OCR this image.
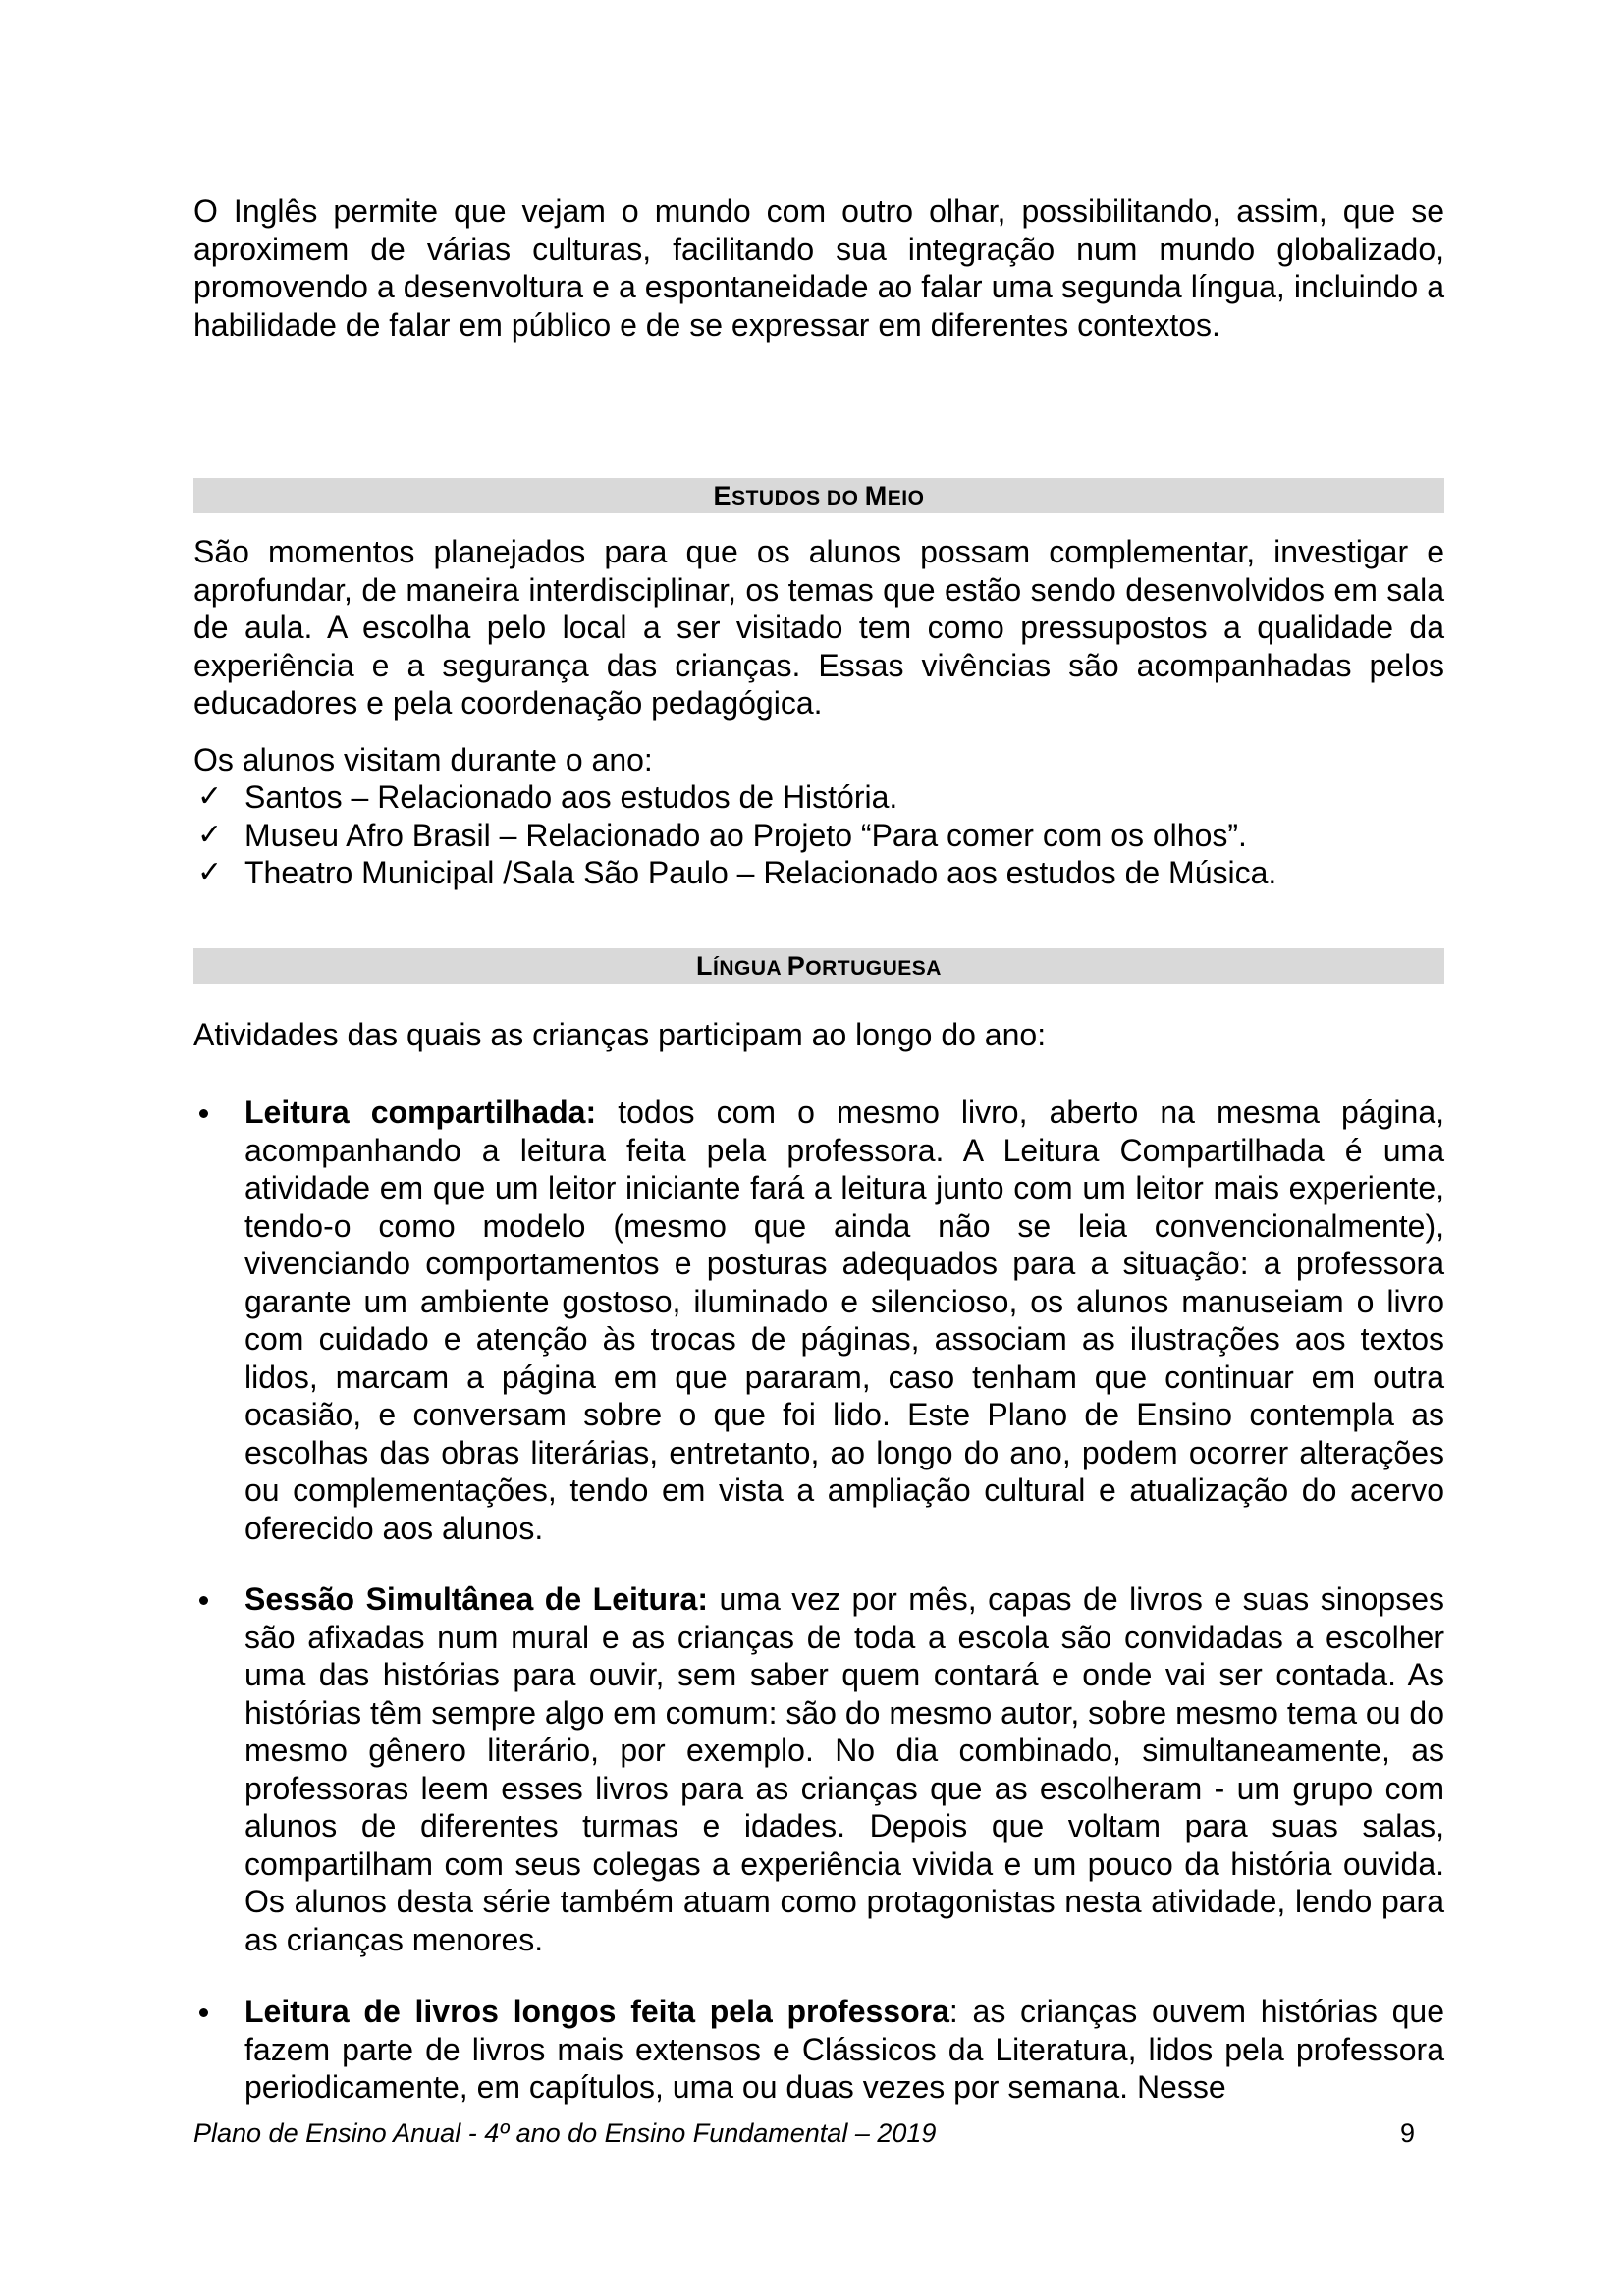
O Inglês permite que vejam o mundo com outro olhar, possibilitando, assim, que se aproximem de várias culturas, facilitando sua integração num mundo globalizado, promovendo a desenvoltura e a espontaneidade ao falar uma segunda língua, incluindo a habilidade de falar em público e de se expressar em diferentes contextos.

ESTUDOS DO MEIO

São momentos planejados para que os alunos possam complementar, investigar e aprofundar, de maneira interdisciplinar, os temas que estão sendo desenvolvidos em sala de aula. A escolha pelo local a ser visitado tem como pressupostos a qualidade da experiência e a segurança das crianças. Essas vivências são acompanhadas pelos educadores e pela coordenação pedagógica.

Os alunos visitam durante o ano:
✓ Santos – Relacionado aos estudos de História.
✓ Museu Afro Brasil – Relacionado ao Projeto “Para comer com os olhos”.
✓ Theatro Municipal /Sala São Paulo – Relacionado aos estudos de Música.
LÍNGUA PORTUGUESA
Atividades das quais as crianças participam ao longo do ano:

Leitura compartilhada: todos com o mesmo livro, aberto na mesma página, acompanhando a leitura feita pela professora. A Leitura Compartilhada é uma atividade em que um leitor iniciante fará a leitura junto com um leitor mais experiente, tendo-o como modelo (mesmo que ainda não se leia convencionalmente), vivenciando comportamentos e posturas adequados para a situação: a professora garante um ambiente gostoso, iluminado e silencioso, os alunos manuseiam o livro com cuidado e atenção às trocas de páginas, associam as ilustrações aos textos lidos, marcam a página em que pararam, caso tenham que continuar em outra ocasião, e conversam sobre o que foi lido. Este Plano de Ensino contempla as escolhas das obras literárias, entretanto, ao longo do ano, podem ocorrer alterações ou complementações, tendo em vista a ampliação cultural e atualização do acervo oferecido aos alunos.

Sessão Simultânea de Leitura: uma vez por mês, capas de livros e suas sinopses são afixadas num mural e as crianças de toda a escola são convidadas a escolher uma das histórias para ouvir, sem saber quem contará e onde vai ser contada. As histórias têm sempre algo em comum: são do mesmo autor, sobre mesmo tema ou do mesmo gênero literário, por exemplo. No dia combinado, simultaneamente, as professoras leem esses livros para as crianças que as escolheram - um grupo com alunos de diferentes turmas e idades. Depois que voltam para suas salas, compartilham com seus colegas a experiência vivida e um pouco da história ouvida. Os alunos desta série também atuam como protagonistas nesta atividade, lendo para as crianças menores.

Leitura de livros longos feita pela professora: as crianças ouvem histórias que fazem parte de livros mais extensos e Clássicos da Literatura, lidos pela professora periodicamente, em capítulos, uma ou duas vezes por semana. Nesse

Plano de Ensino Anual - 4º ano do Ensino Fundamental – 2019	9
